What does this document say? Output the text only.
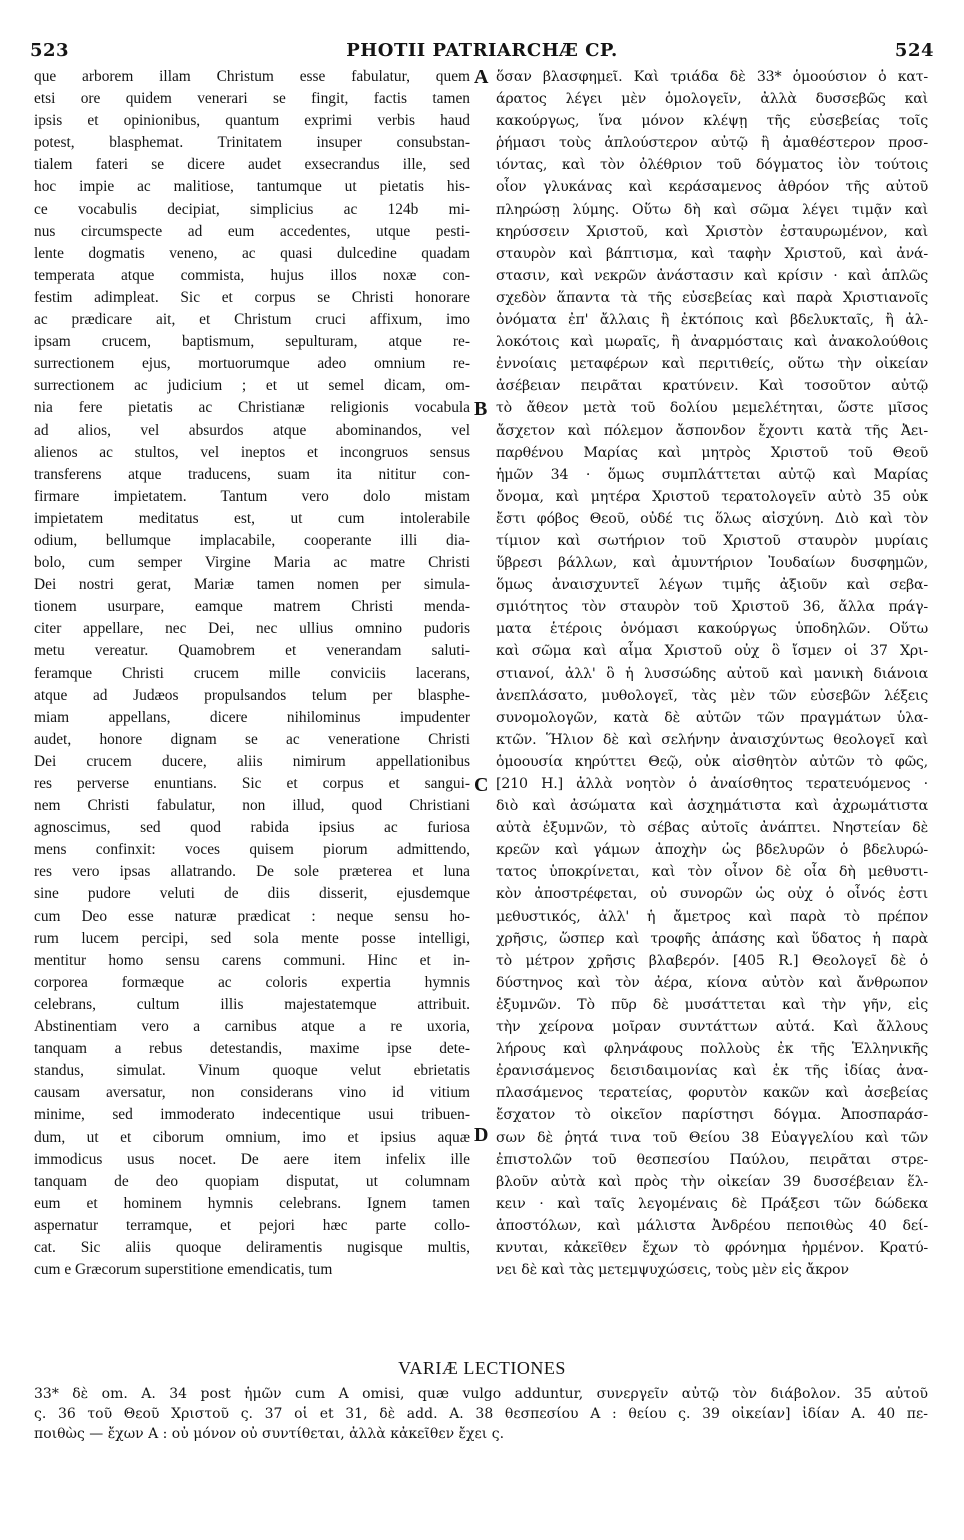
523	PHOTII PATRIARCHÆ CP.	524
que arborem illam Christum esse fabulatur, quem
etsi ore quidem venerari se fingit, factis tamen
ipsis et opinionibus, quantum exprimi verbis haud
potest, blasphemat. Trinitatem insuper consubstan-
tialem fateri se dicere audet exsecrandus ille, sed
hoc impie ac malitiose, tantumque ut pietatis his-
ce vocabulis decipiat, simplicius ac 124b mi-
nus circumspecte ad eum accedentes, utque pesti-
lente dogmatis veneno, ac quasi dulcedine quadam
temperata atque commista, hujus illos noxæ con-
festim adimpleat. Sic et corpus se Christi honorare
ac prædicare ait, et Christum cruci affixum, imo
ipsam crucem, baptismum, sepulturam, atque re-
surrectionem ejus, mortuorumque adeo omnium re-
surrectionem ac judicium ; et ut semel dicam, om-
nia fere pietatis ac Christianæ religionis vocabula
ad alios, vel absurdos atque abominandos, vel
alienos ac stultos, vel ineptos et incongruos sensus
transferens atque traducens, suam ita nititur con-
firmare impietatem. Tantum vero dolo mistam
impietatem meditatus est, ut cum intolerabile
odium, bellumque implacabile, cooperante illi dia-
bolo, cum semper Virgine Maria ac matre Christi
Dei nostri gerat, Mariæ tamen nomen per simula-
tionem usurpare, eamque matrem Christi menda-
citer appellare, nec Dei, nec ullius omnino pudoris
metu vereatur. Quamobrem et venerandam saluti-
feramque Christi crucem mille conviciis lacerans,
atque ad Judæos propulsandos telum per blasphe-
miam appellans, dicere nihilominus impudenter
audet, honore dignam se ac veneratione Christi
Dei crucem ducere, aliis nimirum appellationibus
res perverse enuntians. Sic et corpus et sangui-
nem Christi fabulatur, non illud, quod Christiani
agnoscimus, sed quod rabida ipsius ac furiosa
mens confinxit: voces quisem piorum admittendo,
res vero ipsas allatrando. De sole præterea et luna
sine pudore veluti de diis disserit, ejusdemque
cum Deo esse naturæ prædicat : neque sensu ho-
rum lucem percipi, sed sola mente posse intelligi,
mentitur homo sensu carens communi. Hinc et in-
corporea formæque ac coloris expertia hymnis
celebrans, cultum illis majestatemque attribuit.
Abstinentiam vero a carnibus atque a re uxoria,
tanquam a rebus detestandis, maxime ipse dete-
standus, simulat. Vinum quoque velut ebrietatis
causam aversatur, non considerans vino id vitium
minime, sed immoderato indecentique usui tribuen-
dum, ut et ciborum omnium, imo et ipsius aquæ
immodicus usus nocet. De aere item infelix ille
tanquam de deo quopiam disputat, ut columnam
eum et hominem hymnis celebrans. Ignem tamen
aspernatur terramque, et pejori hæc parte collo-
cat. Sic aliis quoque deliramentis nugisque multis,
cum e Græcorum superstitione emendicatis, tum
ὅσαν βλασφημεῖ. Καὶ τριάδα δὲ 33* ὁμοούσιον ὁ κατ-
άρατος λέγει μὲν ὁμολογεῖν, ἀλλὰ δυσσεβῶς καὶ
κακούργως, ἵνα μόνον κλέψῃ τῆς εὐσεβείας τοῖς
ῥήμασι τοὺς ἁπλούστερον αὐτῷ ἢ ἀμαθέστερον προσ-
ιόντας, καὶ τὸν ὀλέθριον τοῦ δόγματος ἰὸν τούτοις
οἷον γλυκάνας καὶ κεράσαμενος ἀθρόον τῆς αὐτοῦ
πληρώσῃ λύμης. Οὕτω δὴ καὶ σῶμα λέγει τιμᾷν καὶ
κηρύσσειν Χριστοῦ, καὶ Χριστὸν ἐσταυρωμένον, καὶ
σταυρὸν καὶ βάπτισμα, καὶ ταφὴν Χριστοῦ, καὶ ἀνά-
στασιν, καὶ νεκρῶν ἀνάστασιν καὶ κρίσιν · καὶ ἁπλῶς
σχεδὸν ἅπαντα τὰ τῆς εὐσεβείας καὶ παρὰ Χριστιανοῖς
ὀνόματα ἐπ' ἄλλαις ἢ ἐκτόποις καὶ βδελυκταῖς, ἢ ἀλ-
λοκότοις καὶ μωραῖς, ἢ ἀναρμόσταις καὶ ἀνακολούθοις
ἐννοίαις μεταφέρων καὶ περιτιθείς, οὕτω τὴν οἰκείαν
ἀσέβειαν πειρᾶται κρατύνειν. Καὶ τοσοῦτον αὐτῷ
τὸ ἄθεον μετὰ τοῦ δολίου μεμελέτηται, ὥστε μῖσος
ἄσχετον καὶ πόλεμον ἄσπονδον ἔχοντι κατὰ τῆς Ἀει-
παρθένου Μαρίας καὶ μητρὸς Χριστοῦ τοῦ Θεοῦ
ἡμῶν 34 · ὅμως συμπλάττεται αὐτῷ καὶ Μαρίας
ὄνομα, καὶ μητέρα Χριστοῦ τερατολογεῖν αὐτὸ 35 οὐκ
ἔστι φόβος Θεοῦ, οὐδέ τις ὅλως αἰσχύνη. Διὸ καὶ τὸν
τίμιον καὶ σωτήριον τοῦ Χριστοῦ σταυρὸν μυρίαις
ὕβρεσι βάλλων, καὶ ἀμυντήριον Ἰουδαίων δυσφημῶν,
ὅμως ἀναισχυντεῖ λέγων τιμῆς ἀξιοῦν καὶ σεβα-
σμιότητος τὸν σταυρὸν τοῦ Χριστοῦ 36, ἄλλα πράγ-
ματα ἑτέροις ὀνόμασι κακούργως ὑποδηλῶν. Οὕτω
καὶ σῶμα καὶ αἷμα Χριστοῦ οὐχ ὃ ἴσμεν οἱ 37 Χρι-
στιανοί, ἀλλ' ὃ ἡ λυσσώδης αὐτοῦ καὶ μανικὴ διάνοια
ἀνεπλάσατο, μυθολογεῖ, τὰς μὲν τῶν εὐσεβῶν λέξεις
συνομολογῶν, κατὰ δὲ αὐτῶν τῶν πραγμάτων ὑλα-
κτῶν. Ἥλιον δὲ καὶ σελήνην ἀναισχύντως θεολογεῖ καὶ
ὁμοουσία κηρύττει Θεῷ, οὐκ αἰσθητὸν αὐτῶν τὸ φῶς,
[210 H.] ἀλλὰ νοητὸν ὁ ἀναίσθητος τερατευόμενος ·
διὸ καὶ ἀσώματα καὶ ἀσχημάτιστα καὶ ἀχρωμάτιστα
αὐτὰ ἐξυμνῶν, τὸ σέβας αὐτοῖς ἀνάπτει. Νηστείαν δὲ
κρεῶν καὶ γάμων ἀποχὴν ὡς βδελυρῶν ὁ βδελυρώ-
τατος ὑποκρίνεται, καὶ τὸν οἶνον δὲ οἷα δὴ μεθυστι-
κὸν ἀποστρέφεται, οὐ συνορῶν ὡς οὐχ ὁ οἶνός ἐστι
μεθυστικός, ἀλλ' ἡ ἄμετρος καὶ παρὰ τὸ πρέπον
χρῆσις, ὥσπερ καὶ τροφῆς ἁπάσης καὶ ὕδατος ἡ παρὰ
τὸ μέτρον χρῆσις βλαβερόν. [405 R.] Θεολογεῖ δὲ ὁ
δύστηνος καὶ τὸν ἀέρα, κίονα αὐτὸν καὶ ἄνθρωπον
ἐξυμνῶν. Τὸ πῦρ δὲ μυσάττεται καὶ τὴν γῆν, εἰς
τὴν χείρονα μοῖραν συντάττων αὐτά. Καὶ ἄλλους
λήρους καὶ φληνάφους πολλοὺς ἐκ τῆς Ἑλληνικῆς
ἐρανισάμενος δεισιδαιμονίας καὶ ἐκ τῆς ἰδίας ἀνα-
πλασάμενος τερατείας, φορυτὸν κακῶν καὶ ἀσεβείας
ἔσχατον τὸ οἰκεῖον παρίστησι δόγμα. Ἀποσπαράσ-
σων δὲ ῥητά τινα τοῦ Θείου 38 Εὐαγγελίου καὶ τῶν
ἐπιστολῶν τοῦ θεσπεσίου Παύλου, πειρᾶται στρε-
βλοῦν αὐτὰ καὶ πρὸς τὴν οἰκείαν 39 δυσσέβειαν ἕλ-
κειν · καὶ ταῖς λεγομέναις δὲ Πράξεσι τῶν δώδεκα
ἀποστόλων, καὶ μάλιστα Ἀνδρέου πεποιθὼς 40 δεί-
κνυται, κἀκεῖθεν ἔχων τὸ φρόνημα ἠρμένον. Κρατύ-
νει δὲ καὶ τὰς μετεμψυχώσεις, τοὺς μὲν εἰς ἄκρον
A
B
C
D
VARIÆ LECTIONES
33* δὲ om. A. 34 post ἡμῶν cum A omisi, quæ vulgo adduntur, συνεργεῖν αὐτῷ τὸν διάβολον. 35 αὐτοῦ
ς. 36 τοῦ Θεοῦ Χριστοῦ ς. 37 οἱ et 31, δὲ add. A. 38 θεσπεσίου A : θείου ς. 39 οἰκείαν] ἰδίαν A. 40 πε-
ποιθὼς — ἔχων A : οὐ μόνον οὐ συντίθεται, ἀλλὰ κἀκεῖθεν ἔχει ς.
